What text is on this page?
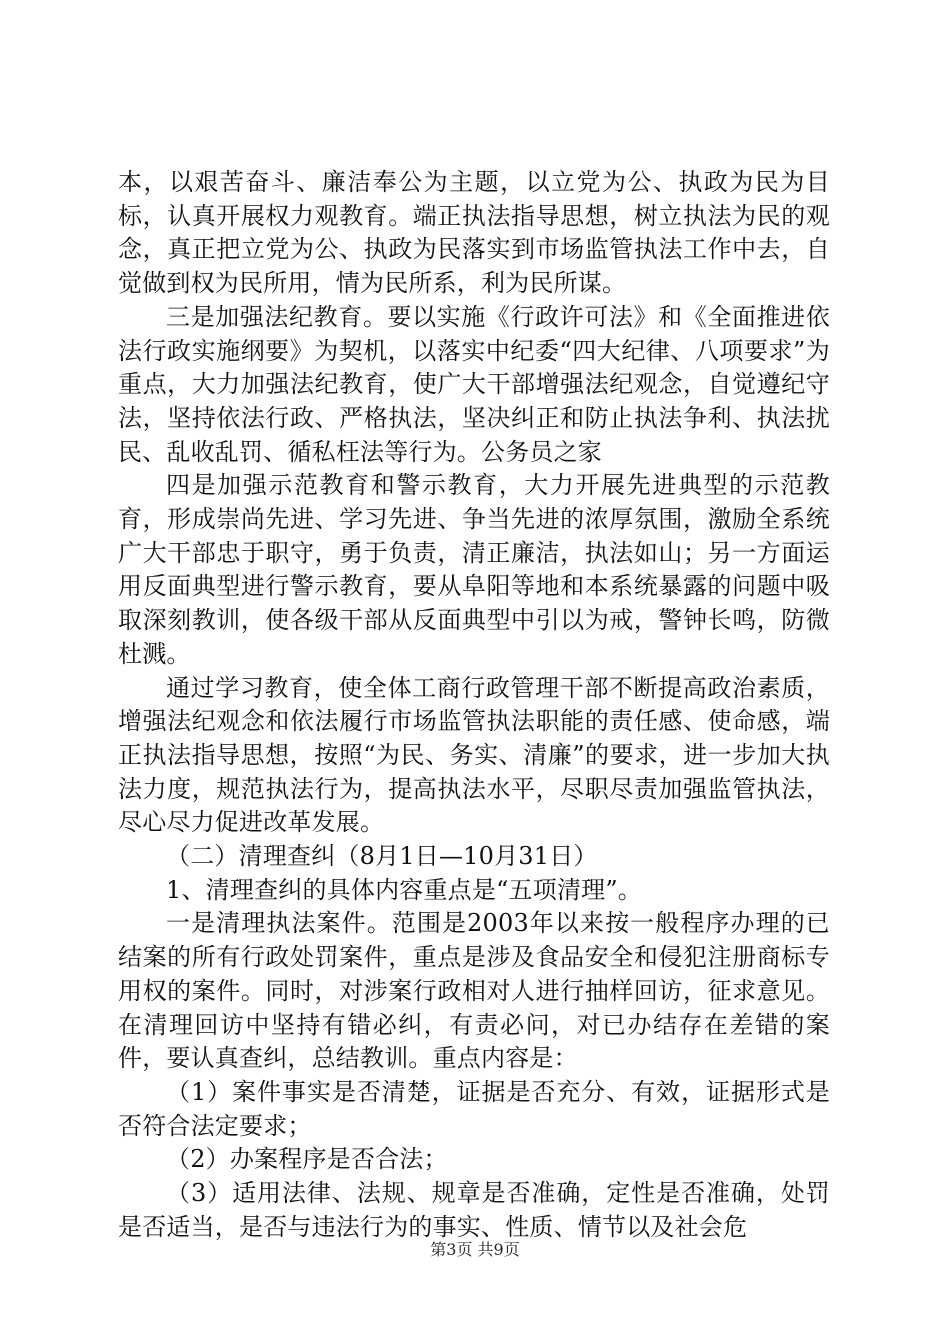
本，以艰苦奋斗、廉洁奉公为主题，以立党为公、执政为民为目标，认真开展权力观教育。端正执法指导思想，树立执法为民的观念，真正把立党为公、执政为民落实到市场监管执法工作中去，自觉做到权为民所用，情为民所系，利为民所谋。

三是加强法纪教育。要以实施《行政许可法》和《全面推进依法行政实施纲要》为契机，以落实中纪委“四大纪律、八项要求”为重点，大力加强法纪教育，使广大干部增强法纪观念，自觉遵纪守法，坚持依法行政、严格执法，坚决纠正和防止执法争利、执法扰民、乱收乱罚、循私枉法等行为。公务员之家

四是加强示范教育和警示教育，大力开展先进典型的示范教育，形成崇尚先进、学习先进、争当先进的浓厚氛围，激励全系统广大干部忠于职守，勇于负责，清正廉洁，执法如山；另一方面运用反面典型进行警示教育，要从阜阳等地和本系统暴露的问题中吸取深刻教训，使各级干部从反面典型中引以为戒，警钟长鸣，防微杜溅。

通过学习教育，使全体工商行政管理干部不断提高政治素质，增强法纪观念和依法履行市场监管执法职能的责任感、使命感，端正执法指导思想，按照“为民、务实、清廉”的要求，进一步加大执法力度，规范执法行为，提高执法水平，尽职尽责加强监管执法，尽心尽力促进改革发展。

（二）清理查纠（8月1日—10月31日）

1、清理查纠的具体内容重点是“五项清理”。

一是清理执法案件。范围是2003年以来按一般程序办理的已结案的所有行政处罚案件，重点是涉及食品安全和侵犯注册商标专用权的案件。同时，对涉案行政相对人进行抽样回访，征求意见。在清理回访中坚持有错必纠，有责必问，对已办结存在差错的案件，要认真查纠，总结教训。重点内容是：

（1）案件事实是否清楚，证据是否充分、有效，证据形式是否符合法定要求；

（2）办案程序是否合法；

（3）适用法律、法规、规章是否准确，定性是否准确，处罚是否适当，是否与违法行为的事实、性质、情节以及社会危

第3页 共9页
